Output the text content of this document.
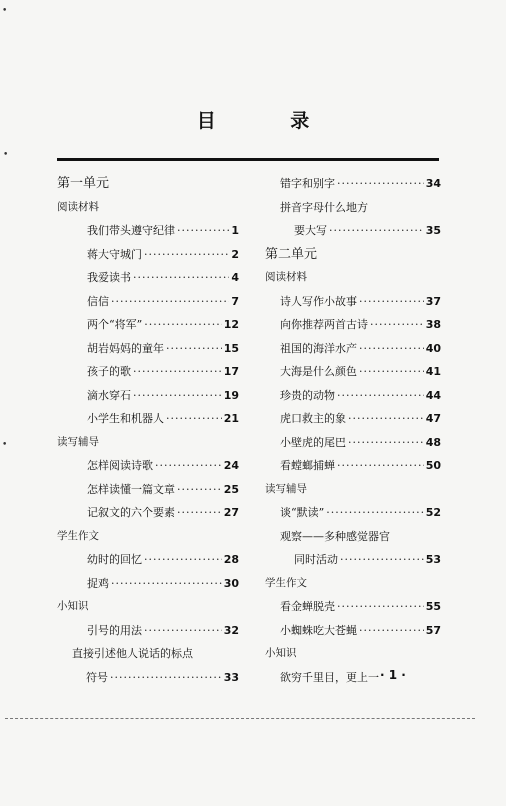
目 录
第一单元
阅读材料
我们带头遵守纪律 ·····	1
蒋大守城门 ·····	2
我爱读书 ·····	4
信信 ·····	7
两个“将军” ·····	12
胡岩妈妈的童年 ·····	15
孩子的歌 ·····	17
滴水穿石 ·····	19
小学生和机器人 ·····	21
读写辅导
怎样阅读诗歌 ·····	24
怎样读懂一篇文章 ·····	25
记叙文的六个要素 ·····	27
学生作文
幼时的回忆 ·····	28
捉鸡 ·····	30
小知识
引号的用法 ·····	32
直接引述他人说话的标点
符号 ·····	33
错字和别字 ·····	34
拼音字母什么地方
要大写 ·····	35
第二单元
阅读材料
诗人写作小故事 ·····	37
向你推荐两首古诗 ·····	38
祖国的海洋水产 ·····	40
大海是什么颜色 ·····	41
珍贵的动物 ·····	44
虎口救主的象 ·····	47
小壁虎的尾巴 ·····	48
看螳螂捕蝉 ·····	50
读写辅导
谈“默读” ·····	52
观察——多种感觉器官
同时活动 ·····	53
学生作文
看金蝉脱壳 ·····	55
小蜘蛛吃大苍蝇 ·····	57
小知识
欲穷千里目，更上一 · 1 ·
•
•
•
